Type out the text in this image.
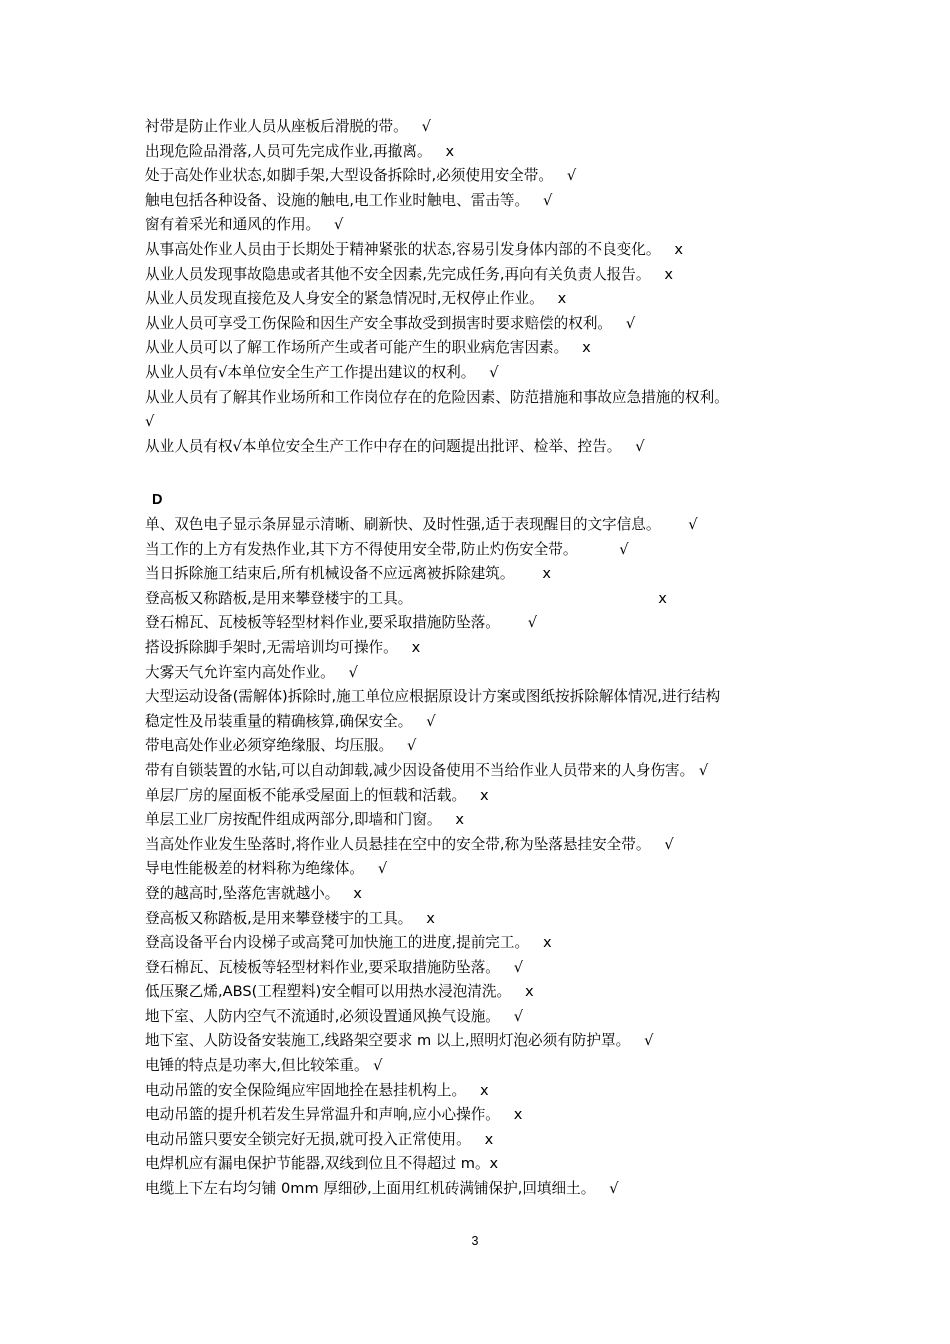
衬带是防止作业人员从座板后滑脱的带。   √
出现危险品滑落,人员可先完成作业,再撤离。   x
处于高处作业状态,如脚手架,大型设备拆除时,必须使用安全带。   √
触电包括各种设备、设施的触电,电工作业时触电、雷击等。   √
窗有着采光和通风的作用。   √
从事高处作业人员由于长期处于精神紧张的状态,容易引发身体内部的不良变化。   x
从业人员发现事故隐患或者其他不安全因素,先完成任务,再向有关负责人报告。   x
从业人员发现直接危及人身安全的紧急情况时,无权停止作业。   x
从业人员可享受工伤保险和因生产安全事故受到损害时要求赔偿的权利。   √
从业人员可以了解工作场所产生或者可能产生的职业病危害因素。   x
从业人员有√本单位安全生产工作提出建议的权利。   √
从业人员有了解其作业场所和工作岗位存在的危险因素、防范措施和事故应急措施的权利。
√
从业人员有权√本单位安全生产工作中存在的问题提出批评、检举、控告。   √
D
单、双色电子显示条屏显示清晰、刷新快、及时性强,适于表现醒目的文字信息。      √
当工作的上方有发热作业,其下方不得使用安全带,防止灼伤安全带。         √
当日拆除施工结束后,所有机械设备不应远离被拆除建筑。      x
登高板又称踏板,是用来攀登楼宇的工具。                                                     x
登石棉瓦、瓦棱板等轻型材料作业,要采取措施防坠落。      √
搭设拆除脚手架时,无需培训均可操作。   x
大雾天气允许室内高处作业。   √
大型运动设备(需解体)拆除时,施工单位应根据原设计方案或图纸按拆除解体情况,进行结构
稳定性及吊装重量的精确核算,确保安全。   √
带电高处作业必须穿绝缘服、均压服。   √
带有自锁装置的水钻,可以自动卸载,减少因设备使用不当给作业人员带来的人身伤害。 √
单层厂房的屋面板不能承受屋面上的恒载和活载。   x
单层工业厂房按配件组成两部分,即墙和门窗。   x
当高处作业发生坠落时,将作业人员悬挂在空中的安全带,称为坠落悬挂安全带。   √
导电性能极差的材料称为绝缘体。   √
登的越高时,坠落危害就越小。   x
登高板又称踏板,是用来攀登楼宇的工具。   x
登高设备平台内设梯子或高凳可加快施工的进度,提前完工。   x
登石棉瓦、瓦棱板等轻型材料作业,要采取措施防坠落。   √
低压聚乙烯,ABS(工程塑料)安全帽可以用热水浸泡清洗。   x
地下室、人防内空气不流通时,必须设置通风换气设施。   √
地下室、人防设备安装施工,线路架空要求 m 以上,照明灯泡必须有防护罩。   √
电锤的特点是功率大,但比较笨重。 √
电动吊篮的安全保险绳应牢固地拴在悬挂机构上。   x
电动吊篮的提升机若发生异常温升和声响,应小心操作。   x
电动吊篮只要安全锁完好无损,就可投入正常使用。   x
电焊机应有漏电保护节能器,双线到位且不得超过 m。x
电缆上下左右均匀铺 0mm 厚细砂,上面用红机砖满铺保护,回填细土。   √
3
